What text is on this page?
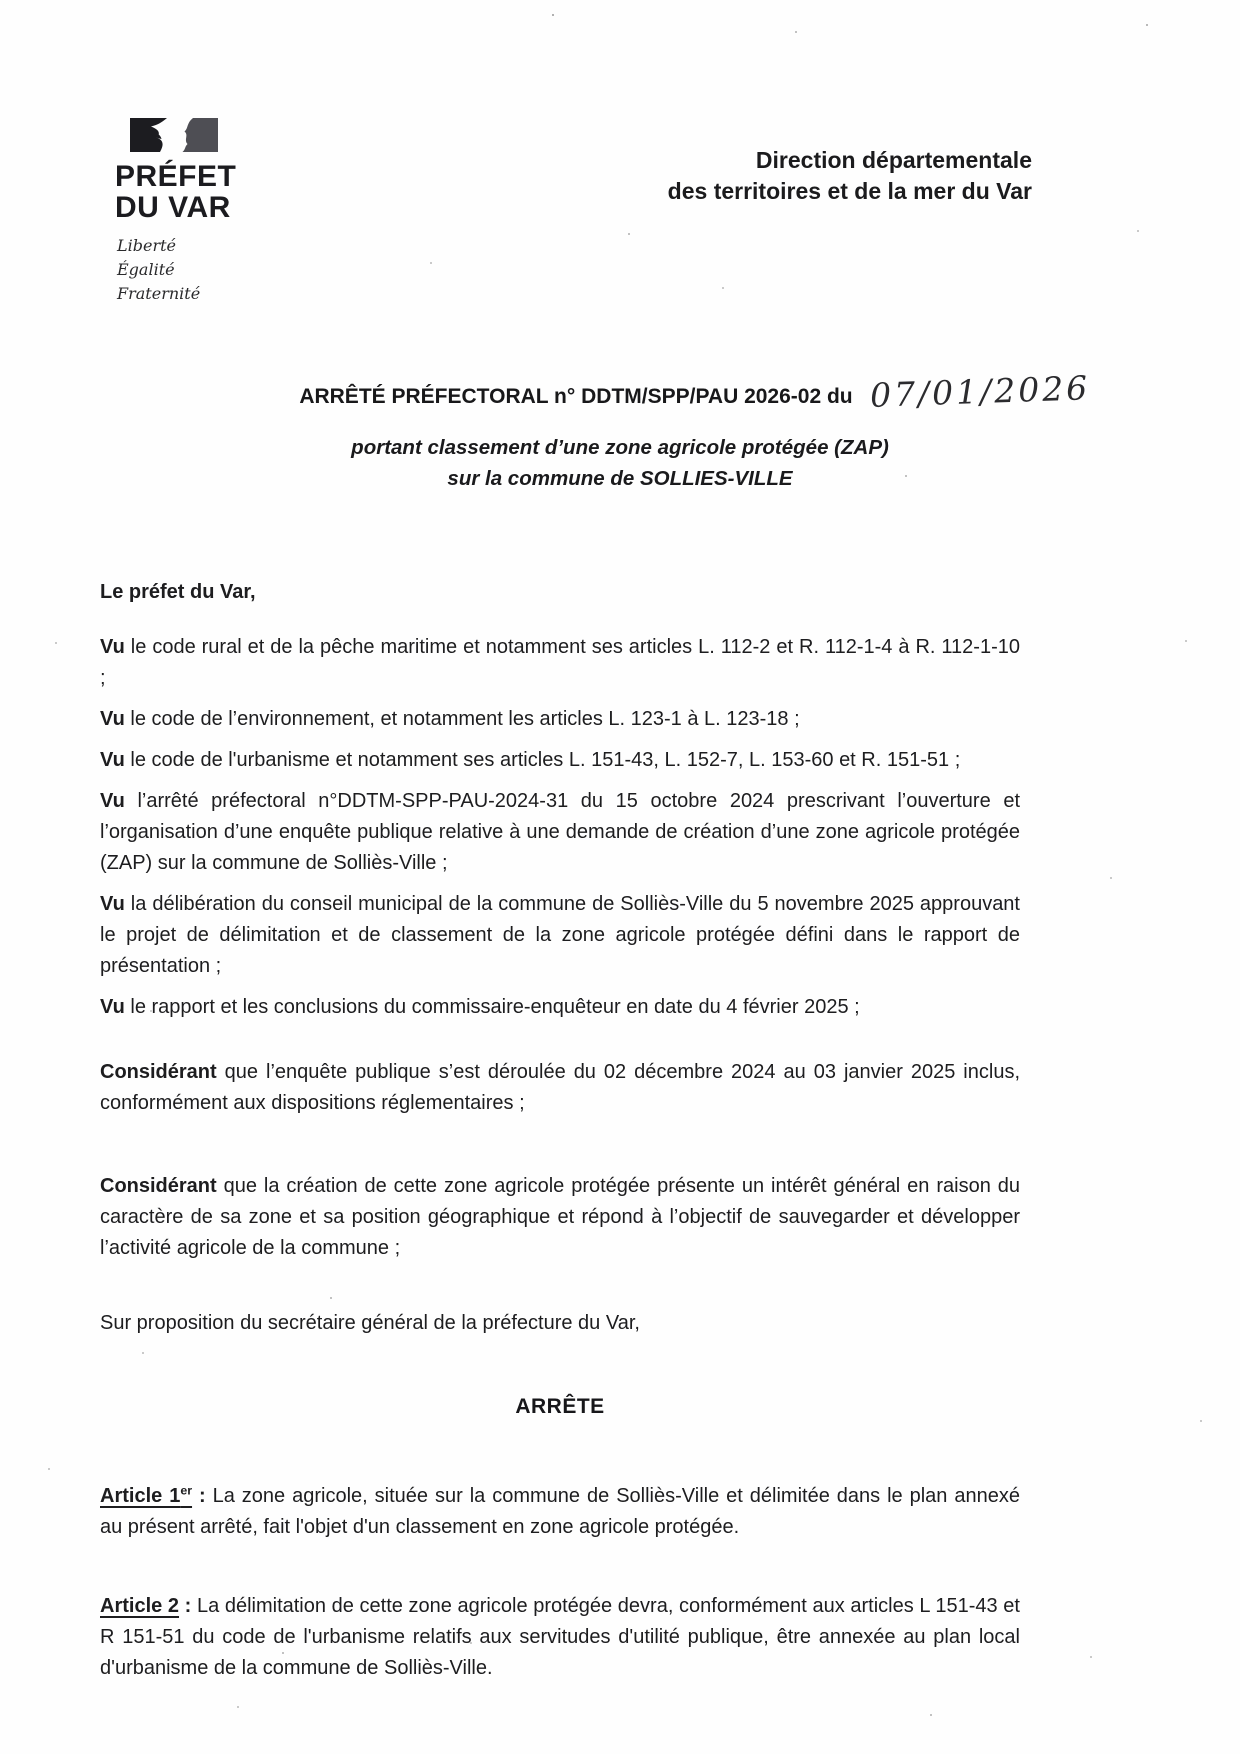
PRÉFET
DU VAR
Liberté
Égalité
Fraternité
Direction départementale
des territoires et de la mer du Var
ARRÊTÉ PRÉFECTORAL n° DDTM/SPP/PAU 2026-02 du 07/01/2026
portant classement d’une zone agricole protégée (ZAP)
sur la commune de SOLLIES-VILLE

Le préfet du Var,

Vu le code rural et de la pêche maritime et notamment ses articles L. 112-2 et R. 112-1-4 à R. 112-1-10 ;

Vu le code de l’environnement, et notamment les articles L. 123-1 à L. 123-18 ;

Vu le code de l'urbanisme et notamment ses articles L. 151-43, L. 152-7, L. 153-60 et R. 151-51 ;

Vu l’arrêté préfectoral n°DDTM-SPP-PAU-2024-31 du 15 octobre 2024 prescrivant l’ouverture et l’organisation d’une enquête publique relative à une demande de création d’une zone agricole protégée (ZAP) sur la commune de Solliès-Ville ;

Vu la délibération du conseil municipal de la commune de Solliès-Ville du 5 novembre 2025 approuvant le projet de délimitation et de classement de la zone agricole protégée défini dans le rapport de présentation ;

Vu le rapport et les conclusions du commissaire-enquêteur en date du 4 février 2025 ;

Considérant que l’enquête publique s’est déroulée du 02 décembre 2024 au 03 janvier 2025 inclus, conformément aux dispositions réglementaires ;

Considérant que la création de cette zone agricole protégée présente un intérêt général en raison du caractère de sa zone et sa position géographique et répond à l’objectif de sauvegarder et développer l’activité agricole de la commune ;

Sur proposition du secrétaire général de la préfecture du Var,

ARRÊTE

Article 1er : La zone agricole, située sur la commune de Solliès-Ville et délimitée dans le plan annexé au présent arrêté, fait l'objet d'un classement en zone agricole protégée.

Article 2 : La délimitation de cette zone agricole protégée devra, conformément aux articles L 151-43 et R 151-51 du code de l'urbanisme relatifs aux servitudes d'utilité publique, être annexée au plan local d'urbanisme de la commune de Solliès-Ville.
